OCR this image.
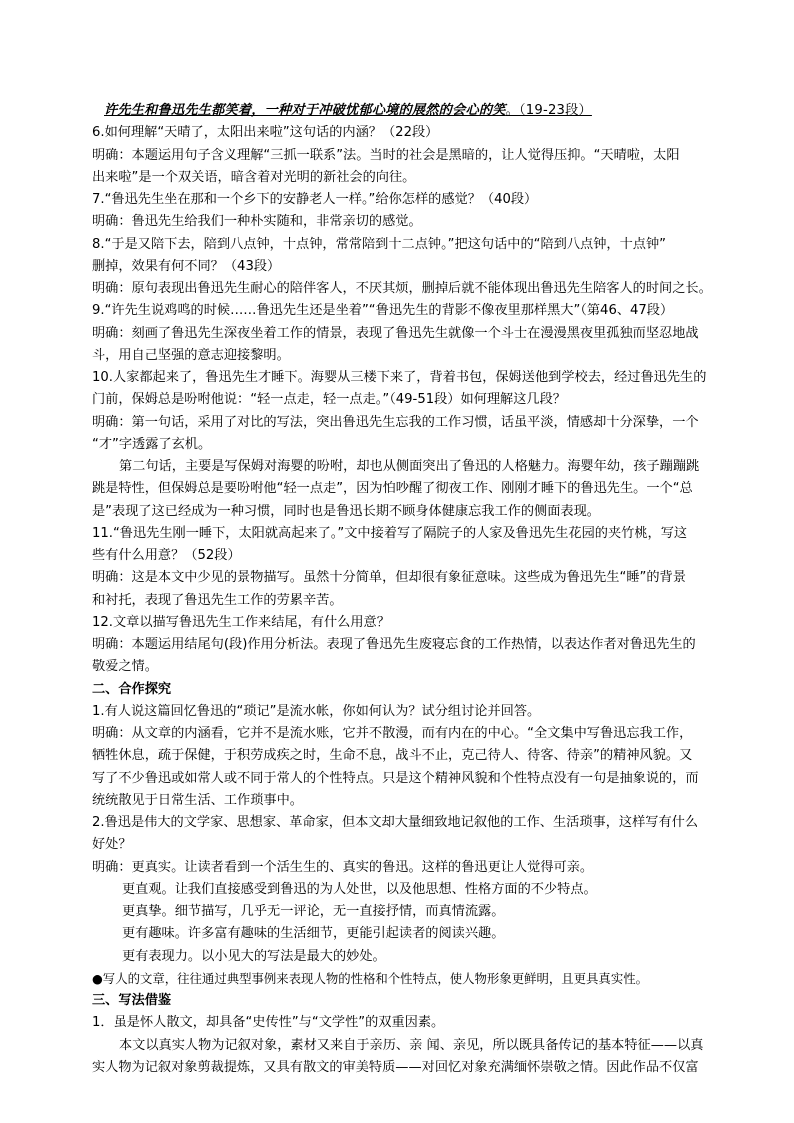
许先生和鲁迅先生都笑着，一种对于冲破忧郁心境的展然的会心的笑。（19-23段）
6.如何理解“天晴了，太阳出来啦”这句话的内涵？（22段）
明确：本题运用句子含义理解“三抓一联系”法。当时的社会是黑暗的，让人觉得压抑。“天晴啦，太阳
出来啦”是一个双关语，暗含着对光明的新社会的向往。
7.“鲁迅先生坐在那和一个乡下的安静老人一样。”给你怎样的感觉？（40段）
明确：鲁迅先生给我们一种朴实随和，非常亲切的感觉。
8.“于是又陪下去，陪到八点钟，十点钟，常常陪到十二点钟。”把这句话中的“陪到八点钟，十点钟”
删掉，效果有何不同？（43段）
明确：原句表现出鲁迅先生耐心的陪伴客人，不厌其烦，删掉后就不能体现出鲁迅先生陪客人的时间之长。
9.“许先生说鸡鸣的时候……鲁迅先生还是坐着”“鲁迅先生的背影不像夜里那样黑大”（第46、47段）
明确：刻画了鲁迅先生深夜坐着工作的情景，表现了鲁迅先生就像一个斗士在漫漫黑夜里孤独而坚忍地战
斗，用自己坚强的意志迎接黎明。
10.人家都起来了，鲁迅先生才睡下。海婴从三楼下来了，背着书包，保姆送他到学校去，经过鲁迅先生的
门前，保姆总是吩咐他说：“轻一点走，轻一点走。”（49-51段）如何理解这几段？
明确：第一句话，采用了对比的写法，突出鲁迅先生忘我的工作习惯，话虽平淡，情感却十分深挚，一个
“才”字透露了玄机。
第二句话，主要是写保姆对海婴的吩咐，却也从侧面突出了鲁迅的人格魅力。海婴年幼，孩子蹦蹦跳
跳是特性，但保姆总是要吩咐他“轻一点走”，因为怕吵醒了彻夜工作、刚刚才睡下的鲁迅先生。一个“总
是”表现了这已经成为一种习惯，同时也是鲁迅长期不顾身体健康忘我工作的侧面表现。
11.“鲁迅先生刚一睡下，太阳就高起来了。”文中接着写了隔院子的人家及鲁迅先生花园的夹竹桃，写这
些有什么用意？（52段）
明确：这是本文中少见的景物描写。虽然十分简单，但却很有象征意味。这些成为鲁迅先生“睡”的背景
和衬托，表现了鲁迅先生工作的劳累辛苦。
12.文章以描写鲁迅先生工作来结尾，有什么用意？
明确：本题运用结尾句(段)作用分析法。表现了鲁迅先生废寝忘食的工作热情，以表达作者对鲁迅先生的
敬爱之情。
二、合作探究
1.有人说这篇回忆鲁迅的“琐记”是流水帐，你如何认为？试分组讨论并回答。
明确：从文章的内涵看，它并不是流水账，它并不散漫，而有内在的中心。“全文集中写鲁迅忘我工作，
牺牲休息，疏于保健，于积劳成疾之时，生命不息，战斗不止，克己待人、待客、待亲”的精神风貌。又
写了不少鲁迅或如常人或不同于常人的个性特点。只是这个精神风貌和个性特点没有一句是抽象说的，而
统统散见于日常生活、工作琐事中。
2.鲁迅是伟大的文学家、思想家、革命家，但本文却大量细致地记叙他的工作、生活琐事，这样写有什么
好处？
明确：更真实。让读者看到一个活生生的、真实的鲁迅。这样的鲁迅更让人觉得可亲。
更直观。让我们直接感受到鲁迅的为人处世，以及他思想、性格方面的不少特点。
更真挚。细节描写，几乎无一评论，无一直接抒情，而真情流露。
更有趣味。许多富有趣味的生活细节，更能引起读者的阅读兴趣。
更有表现力。以小见大的写法是最大的妙处。
●写人的文章，往往通过典型事例来表现人物的性格和个性特点，使人物形象更鲜明，且更具真实性。
三、写法借鉴
1．虽是怀人散文，却具备“史传性”与“文学性”的双重因素。
本文以真实人物为记叙对象，素材又来自于亲历、亲 闻、亲见，所以既具备传记的基本特征——以真
实人物为记叙对象剪裁提炼，又具有散文的审美特质——对回忆对象充满缅怀崇敬之情。因此作品不仅富
